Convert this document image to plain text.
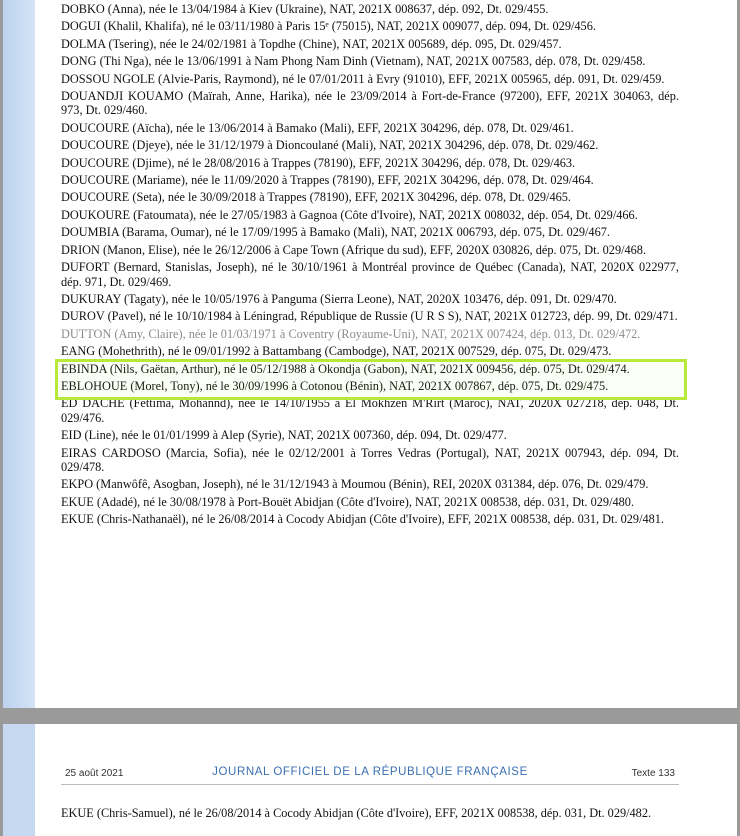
DOBKO (Anna), née le 13/04/1984 à Kiev (Ukraine), NAT, 2021X 008637, dép. 092, Dt. 029/455.

DOGUI (Khalil, Khalifa), né le 03/11/1980 à Paris 15ᵉ (75015), NAT, 2021X 009077, dép. 094, Dt. 029/456.

DOLMA (Tsering), née le 24/02/1981 à Topdhe (Chine), NAT, 2021X 005689, dép. 095, Dt. 029/457.

DONG (Thi Nga), née le 13/06/1991 à Nam Phong Nam Dinh (Vietnam), NAT, 2021X 007583, dép. 078, Dt. 029/458.

DOSSOU NGOLE (Alvie-Paris, Raymond), né le 07/01/2011 à Evry (91010), EFF, 2021X 005965, dép. 091, Dt. 029/459.

DOUANDJI KOUAMO (Maïrah, Anne, Harika), née le 23/09/2014 à Fort-de-France (97200), EFF, 2021X 304063, dép. 973, Dt. 029/460.

DOUCOURE (Aïcha), née le 13/06/2014 à Bamako (Mali), EFF, 2021X 304296, dép. 078, Dt. 029/461.

DOUCOURE (Djeye), née le 31/12/1979 à Dioncoulané (Mali), NAT, 2021X 304296, dép. 078, Dt. 029/462.

DOUCOURE (Djime), né le 28/08/2016 à Trappes (78190), EFF, 2021X 304296, dép. 078, Dt. 029/463.

DOUCOURE (Mariame), née le 11/09/2020 à Trappes (78190), EFF, 2021X 304296, dép. 078, Dt. 029/464.

DOUCOURE (Seta), née le 30/09/2018 à Trappes (78190), EFF, 2021X 304296, dép. 078, Dt. 029/465.

DOUKOURE (Fatoumata), née le 27/05/1983 à Gagnoa (Côte d'Ivoire), NAT, 2021X 008032, dép. 054, Dt. 029/466.

DOUMBIA (Barama, Oumar), né le 17/09/1995 à Bamako (Mali), NAT, 2021X 006793, dép. 075, Dt. 029/467.

DRION (Manon, Elise), née le 26/12/2006 à Cape Town (Afrique du sud), EFF, 2020X 030826, dép. 075, Dt. 029/468.

DUFORT (Bernard, Stanislas, Joseph), né le 30/10/1961 à Montréal province de Québec (Canada), NAT, 2020X 022977, dép. 971, Dt. 029/469.

DUKURAY (Tagaty), née le 10/05/1976 à Panguma (Sierra Leone), NAT, 2020X 103476, dép. 091, Dt. 029/470.

DUROV (Pavel), né le 10/10/1984 à Léningrad, République de Russie (U R S S), NAT, 2021X 012723, dép. 99, Dt. 029/471.

DUTTON (Amy, Claire), née le 01/03/1971 à Coventry (Royaume-Uni), NAT, 2021X 007424, dép. 013, Dt. 029/472.

EANG (Mohethrith), né le 09/01/1992 à Battambang (Cambodge), NAT, 2021X 007529, dép. 075, Dt. 029/473.

EBINDA (Nils, Gaëtan, Arthur), né le 05/12/1988 à Okondja (Gabon), NAT, 2021X 009456, dép. 075, Dt. 029/474.

EBLOHOUE (Morel, Tony), né le 30/09/1996 à Cotonou (Bénin), NAT, 2021X 007867, dép. 075, Dt. 029/475.

ED DACHE (Fettima, Mohannd), née le 14/10/1955 à El Mokhzen M'Rirt (Maroc), NAT, 2020X 027218, dép. 048, Dt. 029/476.

EID (Line), née le 01/01/1999 à Alep (Syrie), NAT, 2021X 007360, dép. 094, Dt. 029/477.

EIRAS CARDOSO (Marcia, Sofia), née le 02/12/2001 à Torres Vedras (Portugal), NAT, 2021X 007943, dép. 094, Dt. 029/478.

EKPO (Manwôfê, Asogban, Joseph), né le 31/12/1943 à Moumou (Bénin), REI, 2020X 031384, dép. 076, Dt. 029/479.

EKUE (Adadé), né le 30/08/1978 à Port-Bouët Abidjan (Côte d'Ivoire), NAT, 2021X 008538, dép. 031, Dt. 029/480.

EKUE (Chris-Nathanaël), né le 26/08/2014 à Cocody Abidjan (Côte d'Ivoire), EFF, 2021X 008538, dép. 031, Dt. 029/481.

25 août 2021	JOURNAL OFFICIEL DE LA RÉPUBLIQUE FRANÇAISE	Texte 133

EKUE (Chris-Samuel), né le 26/08/2014 à Cocody Abidjan (Côte d'Ivoire), EFF, 2021X 008538, dép. 031, Dt. 029/482.
